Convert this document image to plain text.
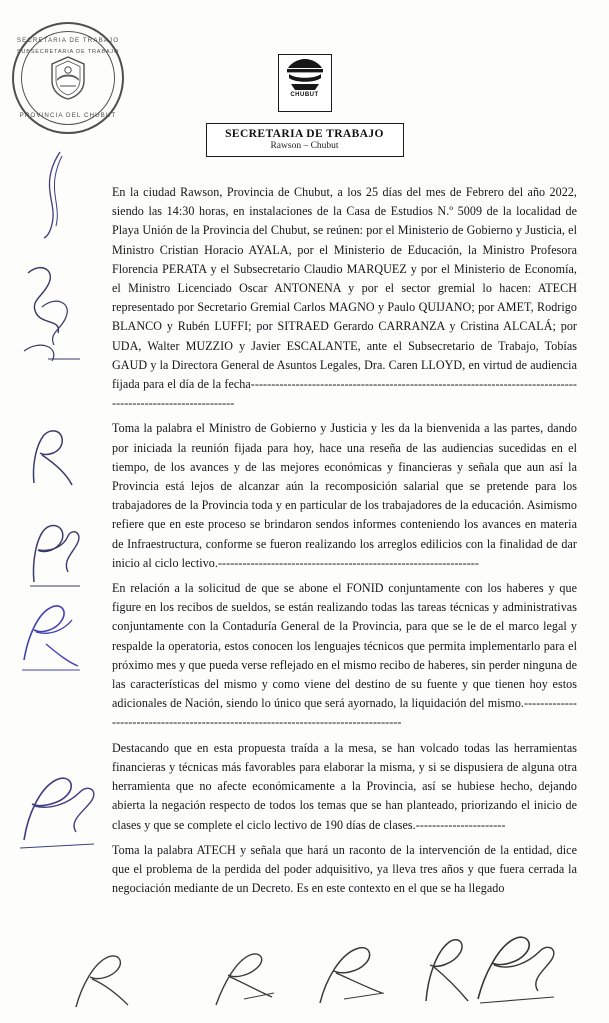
SECRETARIA DE TRABAJO
SUBSECRETARIA DE TRABAJO
PROVINCIA DEL CHUBUT
CHUBUT
SECRETARIA DE TRABAJO
Rawson – Chubut

En la ciudad Rawson, Provincia de Chubut, a los 25 días del mes de Febrero del año 2022, siendo las 14:30 horas, en instalaciones de la Casa de Estudios N.º 5009 de la localidad de Playa Unión de la Provincia del Chubut, se reúnen: por el Ministerio de Gobierno y Justicia, el Ministro Cristian Horacio AYALA, por el Ministerio de Educación, la Ministro Profesora Florencia PERATA y el Subsecretario Claudio MARQUEZ y por el Ministerio de Economía, el Ministro Licenciado Oscar ANTONENA y por el sector gremial lo hacen: ATECH representado por Secretario Gremial Carlos MAGNO y Paulo QUIJANO; por AMET, Rodrigo BLANCO y Rubén LUFFI; por SITRAED Gerardo CARRANZA y Cristina ALCALÁ; por UDA, Walter MUZZIO y Javier ESCALANTE, ante el Subsecretario de Trabajo, Tobías GAUD y la Directora General de Asuntos Legales, Dra. Caren LLOYD, en virtud de audiencia fijada para el día de la fecha--------------------------------------------------------------------------------------------------------------

Toma la palabra el Ministro de Gobierno y Justicia y les da la bienvenida a las partes, dando por iniciada la reunión fijada para hoy, hace una reseña de las audiencias sucedidas en el tiempo, de los avances y de las mejores económicas y financieras y señala que aun así la Provincia está lejos de alcanzar aún la recomposición salarial que se pretende para los trabajadores de la Provincia toda y en particular de los trabajadores de la educación. Asimismo refiere que en este proceso se brindaron sendos informes conteniendo los avances en materia de Infraestructura, conforme se fueron realizando los arreglos edilicios con la finalidad de dar inicio al ciclo lectivo.----------------------------------------------------------------

En relación a la solicitud de que se abone el FONID conjuntamente con los haberes y que figure en los recibos de sueldos, se están realizando todas las tareas técnicas y administrativas conjuntamente con la Contaduría General de la Provincia, para que se le de el marco legal y respalde la operatoria, estos conocen los lenguajes técnicos que permita implementarlo para el próximo mes y que pueda verse reflejado en el mismo recibo de haberes, sin perder ninguna de las características del mismo y como viene del destino de su fuente y que tienen hoy estos adicionales de Nación, siendo lo único que será ayornado, la liquidación del mismo.------------------------------------------------------------------------------------

Destacando que en esta propuesta traída a la mesa, se han volcado todas las herramientas financieras y técnicas más favorables para elaborar la misma, y si se dispusiera de alguna otra herramienta que no afecte económicamente a la Provincia, así se hubiese hecho, dejando abierta la negación respecto de todos los temas que se han planteado, priorizando el inicio de clases y que se complete el ciclo lectivo de 190 días de clases.----------------------

Toma la palabra ATECH y señala que hará un raconto de la intervención de la entidad, dice que el problema de la perdida del poder adquisitivo, ya lleva tres años y que fuera cerrada la negociación mediante de un Decreto. Es en este contexto en el que se ha llegado
